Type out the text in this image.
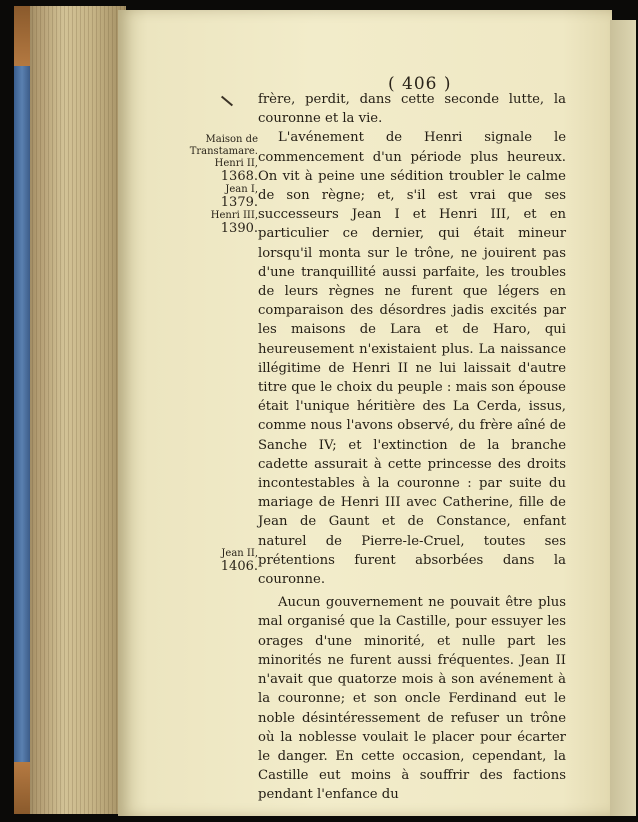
( 406 )
Maison de
Transtamare.
Henri II,
1368.
Jean I,
1379.
Henri III,
1390.
Jean II,
1406.

frère, perdit, dans cette seconde lutte, la couronne et la vie.

L'avénement de Henri signale le commencement d'un période plus heureux. On vit à peine une sédition troubler le calme de son règne; et, s'il est vrai que ses successeurs Jean I et Henri III, et en particulier ce dernier, qui était mineur lorsqu'il monta sur le trône, ne jouirent pas d'une tranquillité aussi parfaite, les troubles de leurs règnes ne furent que légers en comparaison des désordres jadis excités par les maisons de Lara et de Haro, qui heureusement n'existaient plus. La naissance illégitime de Henri II ne lui laissait d'autre titre que le choix du peuple : mais son épouse était l'unique héritière des La Cerda, issus, comme nous l'avons observé, du frère aîné de Sanche IV; et l'extinction de la branche cadette assurait à cette princesse des droits incontestables à la couronne : par suite du mariage de Henri III avec Catherine, fille de Jean de Gaunt et de Constance, enfant naturel de Pierre-le-Cruel, toutes ses prétentions furent absorbées dans la couronne.

Aucun gouvernement ne pouvait être plus mal organisé que la Castille, pour essuyer les orages d'une minorité, et nulle part les minorités ne furent aussi fréquentes. Jean II n'avait que quatorze mois à son avénement à la couronne; et son oncle Ferdinand eut le noble désintéressement de refuser un trône où la noblesse voulait le placer pour écarter le danger. En cette occasion, cependant, la Castille eut moins à souffrir des factions pendant l'enfance du
